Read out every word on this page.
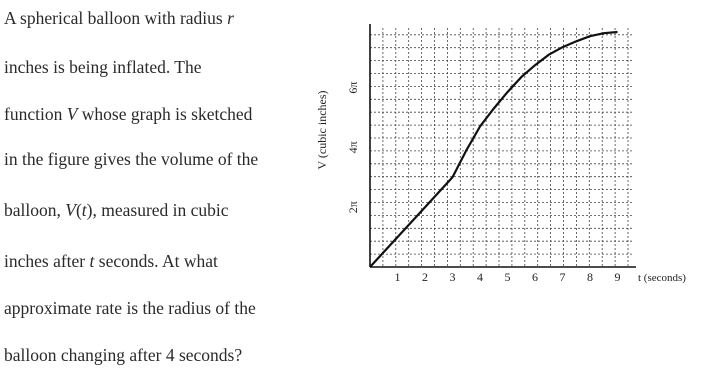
A spherical balloon with radius r
inches is being inflated. The
function V whose graph is sketched
in the figure gives the volume of the
balloon, V(t), measured in cubic
inches after t seconds. At what
approximate rate is the radius of the
balloon changing after 4 seconds?
1 2 3 4 5 6 7 8 9
2π
4π
6π
V (cubic inches)
t (seconds)
